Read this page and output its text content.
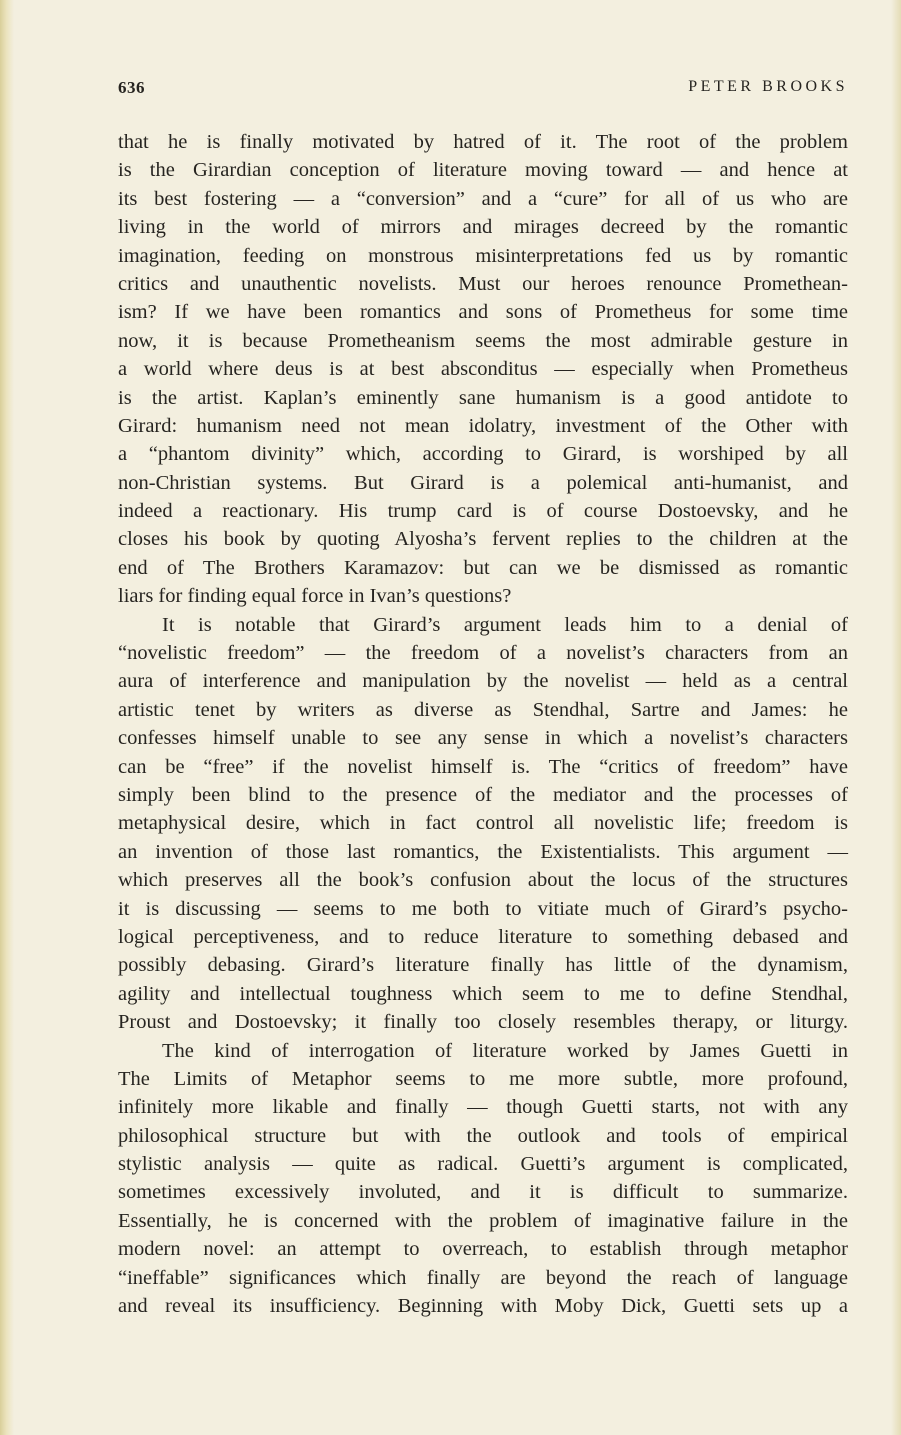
636	PETER BROOKS
that he is finally motivated by hatred of it. The root of the problem
is the Girardian conception of literature moving toward — and hence at
its best fostering — a “conversion” and a “cure” for all of us who are
living in the world of mirrors and mirages decreed by the romantic
imagination, feeding on monstrous misinterpretations fed us by romantic
critics and unauthentic novelists. Must our heroes renounce Promethean-
ism? If we have been romantics and sons of Prometheus for some time
now, it is because Prometheanism seems the most admirable gesture in
a world where deus is at best absconditus — especially when Prometheus
is the artist. Kaplan’s eminently sane humanism is a good antidote to
Girard: humanism need not mean idolatry, investment of the Other with
a “phantom divinity” which, according to Girard, is worshiped by all
non-Christian systems. But Girard is a polemical anti-humanist, and
indeed a reactionary. His trump card is of course Dostoevsky, and he
closes his book by quoting Alyosha’s fervent replies to the children at the
end of The Brothers Karamazov: but can we be dismissed as romantic
liars for finding equal force in Ivan’s questions?
It is notable that Girard’s argument leads him to a denial of
“novelistic freedom” — the freedom of a novelist’s characters from an
aura of interference and manipulation by the novelist — held as a central
artistic tenet by writers as diverse as Stendhal, Sartre and James: he
confesses himself unable to see any sense in which a novelist’s characters
can be “free” if the novelist himself is. The “critics of freedom” have
simply been blind to the presence of the mediator and the processes of
metaphysical desire, which in fact control all novelistic life; freedom is
an invention of those last romantics, the Existentialists. This argument —
which preserves all the book’s confusion about the locus of the structures
it is discussing — seems to me both to vitiate much of Girard’s psycho-
logical perceptiveness, and to reduce literature to something debased and
possibly debasing. Girard’s literature finally has little of the dynamism,
agility and intellectual toughness which seem to me to define Stendhal,
Proust and Dostoevsky; it finally too closely resembles therapy, or liturgy.
The kind of interrogation of literature worked by James Guetti in
The Limits of Metaphor seems to me more subtle, more profound,
infinitely more likable and finally — though Guetti starts, not with any
philosophical structure but with the outlook and tools of empirical
stylistic analysis — quite as radical. Guetti’s argument is complicated,
sometimes excessively involuted, and it is difficult to summarize.
Essentially, he is concerned with the problem of imaginative failure in the
modern novel: an attempt to overreach, to establish through metaphor
“ineffable” significances which finally are beyond the reach of language
and reveal its insufficiency. Beginning with Moby Dick, Guetti sets up a
